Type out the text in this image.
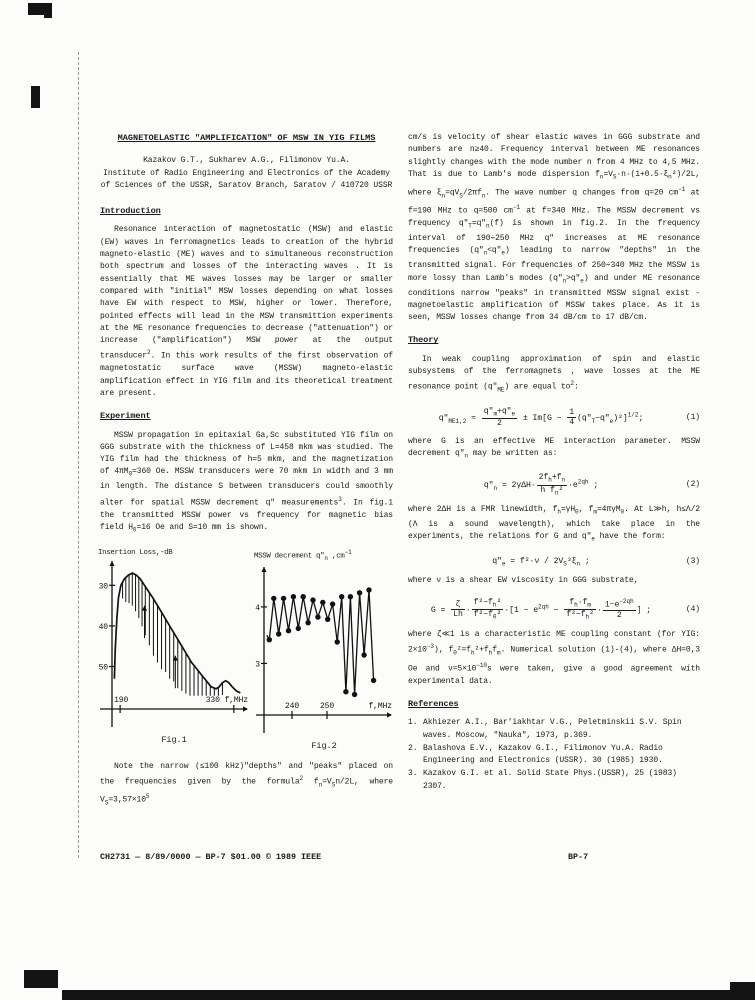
MAGNETOELASTIC "AMPLIFICATION" OF MSW IN YIG FILMS
Kazakov G.T., Sukharev A.G., Filimonov Yu.A.
Institute of Radio Engineering and Electronics of the Academy
of Sciences of the USSR, Saratov Branch, Saratov / 410720 USSR
Introduction

Resonance interaction of magnetostatic (MSW) and elastic (EW) waves in ferromagnetics leads to creation of the hybrid magneto-elastic (ME) waves and to simultaneous reconstruction both spectrum and losses of the interacting waves . It is essentially that ME waves losses may be larger or smaller compared with "initial" MSW losses depending on what losses have EW with respect to MSW, higher or lower. Therefore, pointed effects will lead in the MSW transmittion experiments at the ME resonance frequencies to decrease ("attenuation") or increase ("amplification") MSW power at the output transducer$^2$. In this work results of the first observation of magnetostatic surface wave (MSSW) magneto-elastic amplification effect in YIG film and its theoretical treatment are present.

Experiment

MSSW propagation in epitaxial Ga,Sc substituted YIG film on GGG substrate with the thickness of L=458 mkm was studied. The YIG film had the thickness of h=5 mkm, and the magnetization of $4\pi M_0=360$ Oe. MSSW transducers were 70 mkm in width and 3 mm in length. The distance S between transducers could smoothly alter for spatial MSSW decrement q″ measurements$^3$. In fig.1 the transmitted MSSW power vs frequency for magnetic bias field $H_0=16$ Oe and S=10 mm is shown.

Insertion Loss,-dB
30
40
50
190	330 f,MHz
Fig.1
MSSW decrement $q''_n$ $,cm^{-1}$
4
3
240	250	f,MHz
Fig.2

Note the narrow (≤100 kHz)"depths" and "peaks" placed on the frequencies given by the formula$^2$ $f_n=V_Sn/2L$, where $V_S=3,57\times 10^5$

cm/s is velocity of shear elastic waves in GGG substrate and numbers are n≥40. Frequency interval between ME resonances slightly changes with the mode number n from 4 MHz to 4,5 MHz. That is due to Lamb's mode dispersion $f_n=V_S\cdot n\cdot(1+0.5\cdot\xi_n^2)/2L$, where $\xi_n=qV_S/2\pi f_n$. The wave number q changes from q=20 $cm^{-1}$ at f=190 MHz to q=500 $cm^{-1}$ at f=340 MHz. The MSSW decrement vs frequency $q''_T=q''_n(f)$ is shown in fig.2. In the frequency interval of 190÷250 MHz q″ increases at ME resonance frequencies $(q''_n<q''_e)$ leading to narrow "depths" in the transmitted signal. For frequencies of 250÷340 MHz the MSSW is more lossy than Lamb's modes $(q''_n>q''_e)$ and under ME resonance conditions narrow "peaks" in transmitted MSSW signal exist - magnetoelastic amplification of MSSW takes place. As it is seen, MSSW losses change from 34 dB/cm to 17 dB/cm.

Theory

In weak coupling approximation of spin and elastic subsystems of the ferromagnets , wave losses at the ME resonance point $(q''_{ME})$ are equal $to^2$:

$q''_{ME1,2} \approx \frac{q''_m+q''_e}{2} \pm Im[G - \frac{1}{4} (q''_T-q''_e)^2]^{1/2}$;	(1)

where G is an effective ME interaction parameter. MSSW decrement $q''_n$ may be written as:

$q''_n = 2\gamma\Delta H\cdot \frac{2f_h+f_n}{h f_n^2} \cdot e^{2qh}$ ;	(2)

where 2ΔH is a FMR linewidth, $f_h=\gamma H_0$, $f_m=4\pi\gamma M_0$. At L≫h, h≤Λ/2 (Λ is a sound wavelength), which take place in the experiments, the relations for G and $q''_e$ have the form:

$q''_e = f^2\cdot\nu / 2V_S^3\xi_n$ ;	(3)

where ν is a shear EW viscosity in GGG substrate,

$G = \frac{\zeta}{Lh} \cdot \frac{f^2-f_h^2}{f^2-f_0^2} \cdot[1 - e^{2qh} - \frac{f_h\cdot f_m}{f^2-f_h^2} \cdot \frac{1-e^{-2qh}}{2}$ ] ;	(4)

where ζ≪1 is a characteristic ME coupling constant (for YIG: $2\times 10^{-3}$), $f_0^2=f_h^2+f_hf_m$. Numerical solution (1)-(4), where ΔH=0,3 Oe and $\nu=5\times 10^{-10}s$ were taken, give a good agreement with experimental data.

References
1. Akhiezer A.I., Bar'iakhtar V.G., Peletminskii S.V. Spin waves. Moscow, "Nauka", 1973, p.369.
2. Balashova E.V., Kazakov G.I., Filimonov Yu.A. Radio Engineering and Electronics (USSR). 30 (1985) 1930.
3. Kazakov G.I. et al. Solid State Phys.(USSR), 25 (1983) 2307.
CH2731 — 8/89/0000 — BP-7 $01.00 © 1989 IEEE	BP-7
